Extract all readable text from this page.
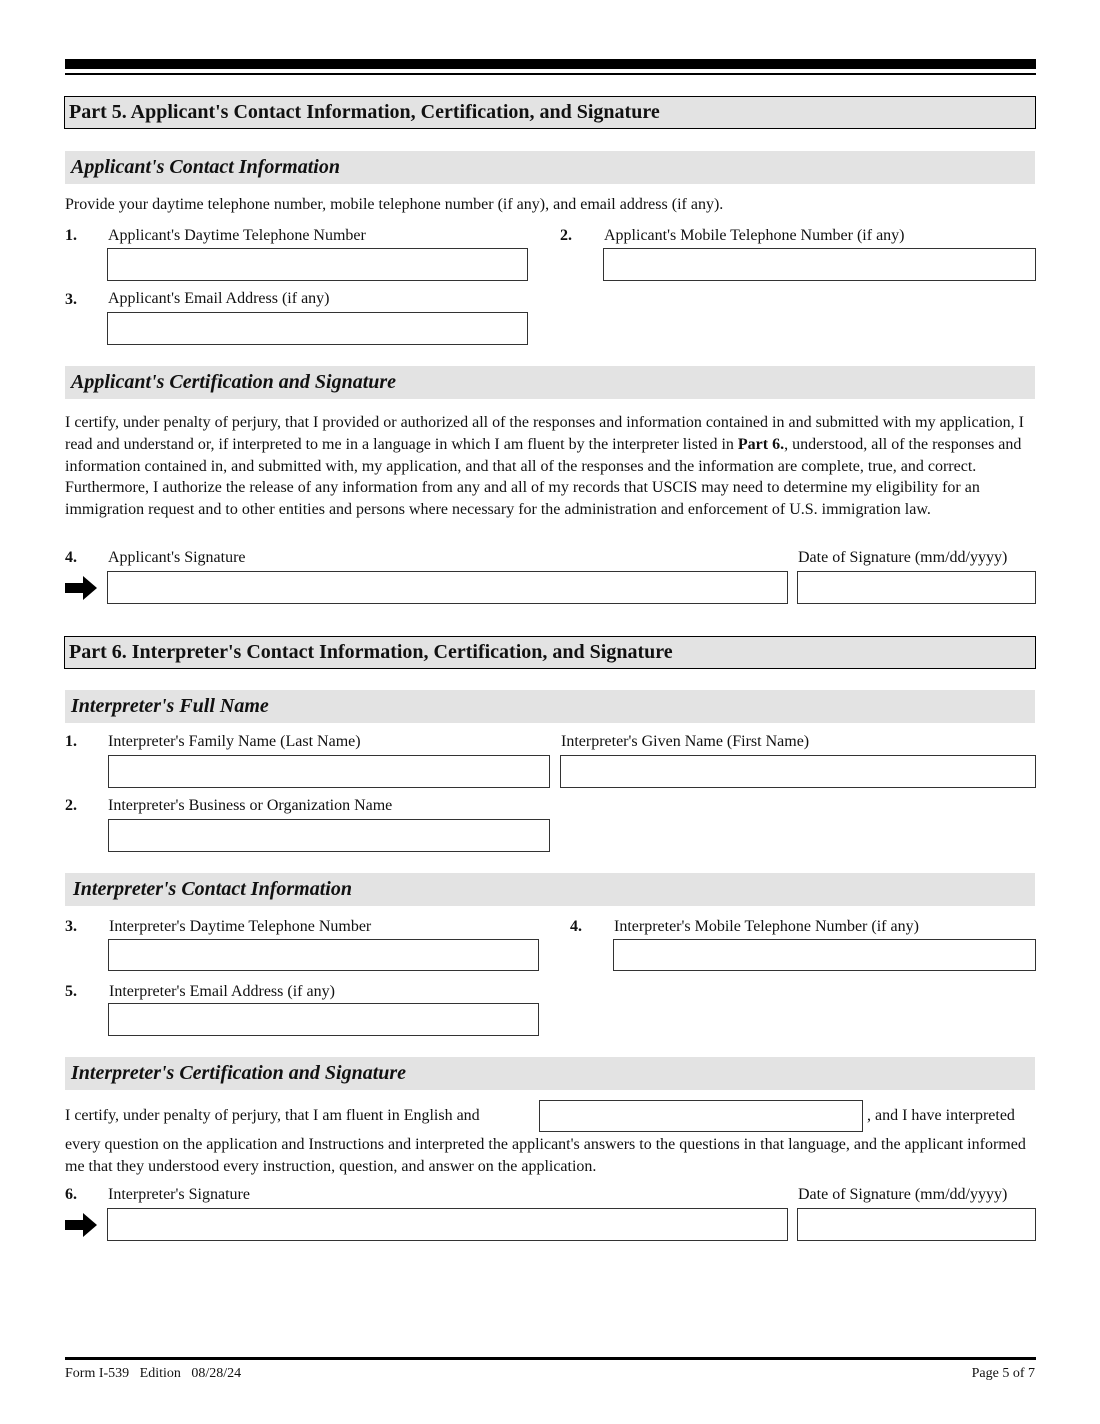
Part 5. Applicant's Contact Information, Certification, and Signature
Applicant's Contact Information
Provide your daytime telephone number, mobile telephone number (if any), and email address (if any).
1. Applicant's Daytime Telephone Number	2. Applicant's Mobile Telephone Number (if any)
3. Applicant's Email Address (if any)
Applicant's Certification and Signature
I certify, under penalty of perjury, that I provided or authorized all of the responses and information contained in and submitted with my application, I read and understand or, if interpreted to me in a language in which I am fluent by the interpreter listed in Part 6., understood, all of the responses and information contained in, and submitted with, my application, and that all of the responses and the information are complete, true, and correct. Furthermore, I authorize the release of any information from any and all of my records that USCIS may need to determine my eligibility for an immigration request and to other entities and persons where necessary for the administration and enforcement of U.S. immigration law.
4. Applicant's Signature	Date of Signature (mm/dd/yyyy)
Part 6. Interpreter's Contact Information, Certification, and Signature
Interpreter's Full Name
1. Interpreter's Family Name (Last Name)	Interpreter's Given Name (First Name)
2. Interpreter's Business or Organization Name
Interpreter's Contact Information
3. Interpreter's Daytime Telephone Number	4. Interpreter's Mobile Telephone Number (if any)
5. Interpreter's Email Address (if any)
Interpreter's Certification and Signature
I certify, under penalty of perjury, that I am fluent in English and	, and I have interpreted
every question on the application and Instructions and interpreted the applicant's answers to the questions in that language, and the applicant informed me that they understood every instruction, question, and answer on the application.
6. Interpreter's Signature	Date of Signature (mm/dd/yyyy)
Form I-539   Edition   08/28/24	Page 5 of 7
